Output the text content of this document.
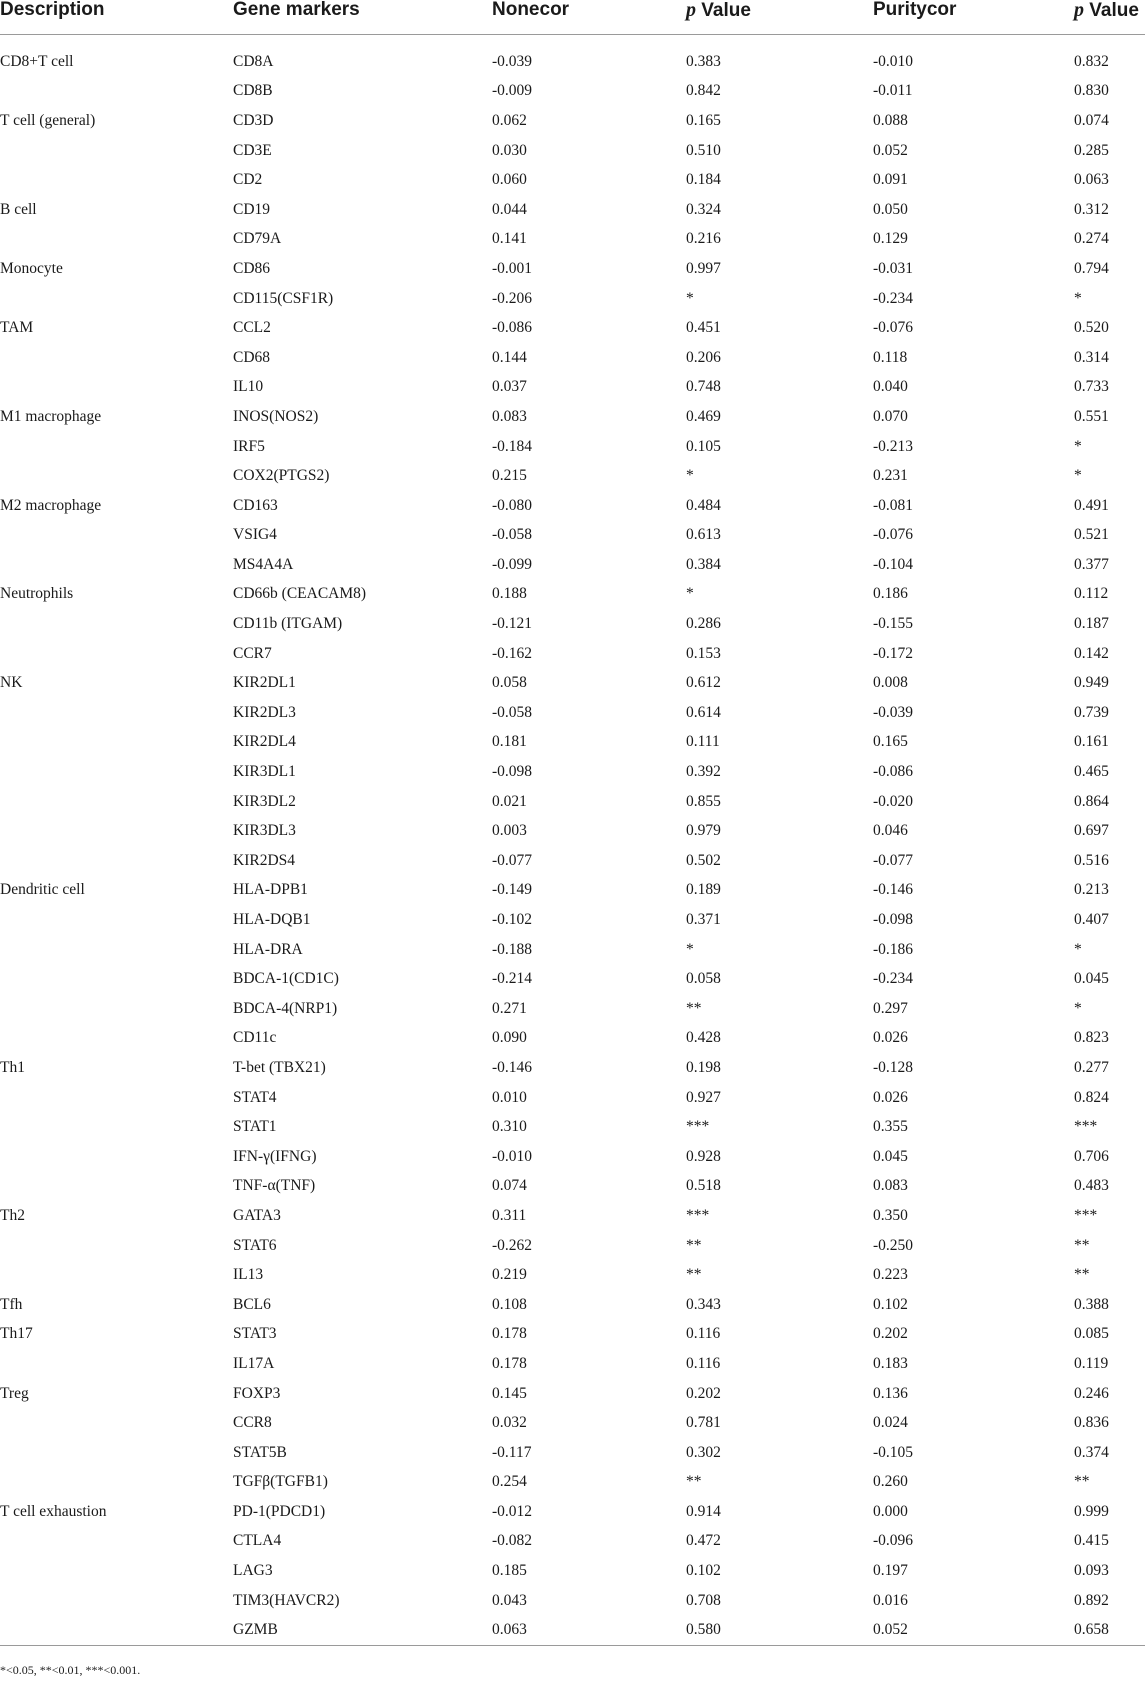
Description	Gene markers	Nonecor	p Value	Puritycor	p Value

CD8+T cell	CD8A	-0.039	0.383	-0.010	0.832
	CD8B	-0.009	0.842	-0.011	0.830
T cell (general)	CD3D	0.062	0.165	0.088	0.074
	CD3E	0.030	0.510	0.052	0.285
	CD2	0.060	0.184	0.091	0.063
B cell	CD19	0.044	0.324	0.050	0.312
	CD79A	0.141	0.216	0.129	0.274
Monocyte	CD86	-0.001	0.997	-0.031	0.794
	CD115(CSF1R)	-0.206	*	-0.234	*
TAM	CCL2	-0.086	0.451	-0.076	0.520
	CD68	0.144	0.206	0.118	0.314
	IL10	0.037	0.748	0.040	0.733
M1 macrophage	INOS(NOS2)	0.083	0.469	0.070	0.551
	IRF5	-0.184	0.105	-0.213	*
	COX2(PTGS2)	0.215	*	0.231	*
M2 macrophage	CD163	-0.080	0.484	-0.081	0.491
	VSIG4	-0.058	0.613	-0.076	0.521
	MS4A4A	-0.099	0.384	-0.104	0.377
Neutrophils	CD66b (CEACAM8)	0.188	*	0.186	0.112
	CD11b (ITGAM)	-0.121	0.286	-0.155	0.187
	CCR7	-0.162	0.153	-0.172	0.142
NK	KIR2DL1	0.058	0.612	0.008	0.949
	KIR2DL3	-0.058	0.614	-0.039	0.739
	KIR2DL4	0.181	0.111	0.165	0.161
	KIR3DL1	-0.098	0.392	-0.086	0.465
	KIR3DL2	0.021	0.855	-0.020	0.864
	KIR3DL3	0.003	0.979	0.046	0.697
	KIR2DS4	-0.077	0.502	-0.077	0.516
Dendritic cell	HLA-DPB1	-0.149	0.189	-0.146	0.213
	HLA-DQB1	-0.102	0.371	-0.098	0.407
	HLA-DRA	-0.188	*	-0.186	*
	BDCA-1(CD1C)	-0.214	0.058	-0.234	0.045
	BDCA-4(NRP1)	0.271	**	0.297	*
	CD11c	0.090	0.428	0.026	0.823
Th1	T-bet (TBX21)	-0.146	0.198	-0.128	0.277
	STAT4	0.010	0.927	0.026	0.824
	STAT1	0.310	***	0.355	***
	IFN-γ(IFNG)	-0.010	0.928	0.045	0.706
	TNF-α(TNF)	0.074	0.518	0.083	0.483
Th2	GATA3	0.311	***	0.350	***
	STAT6	-0.262	**	-0.250	**
	IL13	0.219	**	0.223	**
Tfh	BCL6	0.108	0.343	0.102	0.388
Th17	STAT3	0.178	0.116	0.202	0.085
	IL17A	0.178	0.116	0.183	0.119
Treg	FOXP3	0.145	0.202	0.136	0.246
	CCR8	0.032	0.781	0.024	0.836
	STAT5B	-0.117	0.302	-0.105	0.374
	TGFβ(TGFB1)	0.254	**	0.260	**
T cell exhaustion	PD-1(PDCD1)	-0.012	0.914	0.000	0.999
	CTLA4	-0.082	0.472	-0.096	0.415
	LAG3	0.185	0.102	0.197	0.093
	TIM3(HAVCR2)	0.043	0.708	0.016	0.892
	GZMB	0.063	0.580	0.052	0.658
*<0.05, **<0.01, ***<0.001.
